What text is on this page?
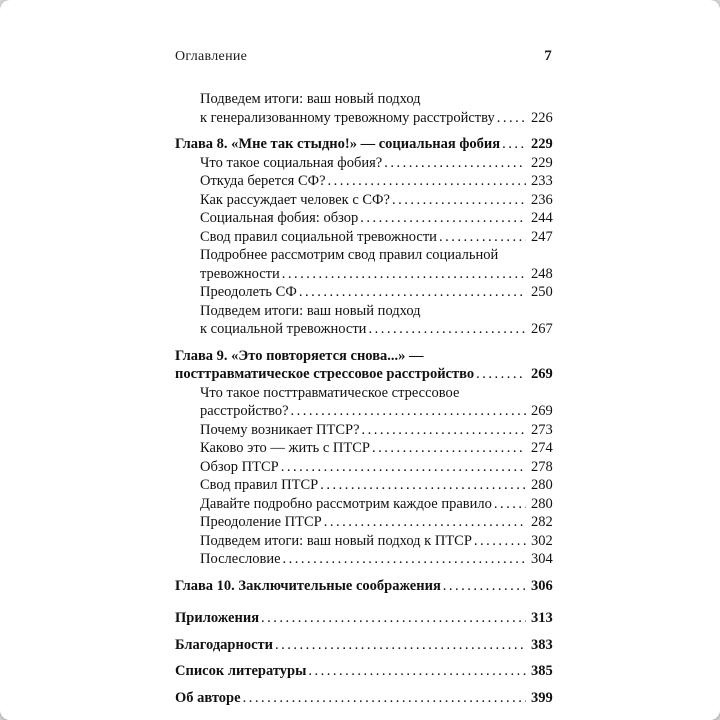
Оглавление	7
Подведем итоги: ваш новый подход
к генерализованному тревожному расстройству .....	226
Глава 8. «Мне так стыдно!» — социальная фобия .....	229
Что такое социальная фобия? .....	229
Откуда берется СФ? .....	233
Как рассуждает человек с СФ? .....	236
Социальная фобия: обзор .....	244
Свод правил социальной тревожности .....	247
Подробнее рассмотрим свод правил социальной
тревожности .....	248
Преодолеть СФ .....	250
Подведем итоги: ваш новый подход
к социальной тревожности .....	267
Глава 9. «Это повторяется снова...» —
посттравматическое стрессовое расстройство .....	269
Что такое посттравматическое стрессовое
расстройство? .....	269
Почему возникает ПТСР? .....	273
Каково это — жить с ПТСР .....	274
Обзор ПТСР .....	278
Свод правил ПТСР .....	280
Давайте подробно рассмотрим каждое правило .....	280
Преодоление ПТСР .....	282
Подведем итоги: ваш новый подход к ПТСР .....	302
Послесловие .....	304
Глава 10. Заключительные соображения .....	306
Приложения .....	313
Благодарности .....	383
Список литературы .....	385
Об авторе .....	399
